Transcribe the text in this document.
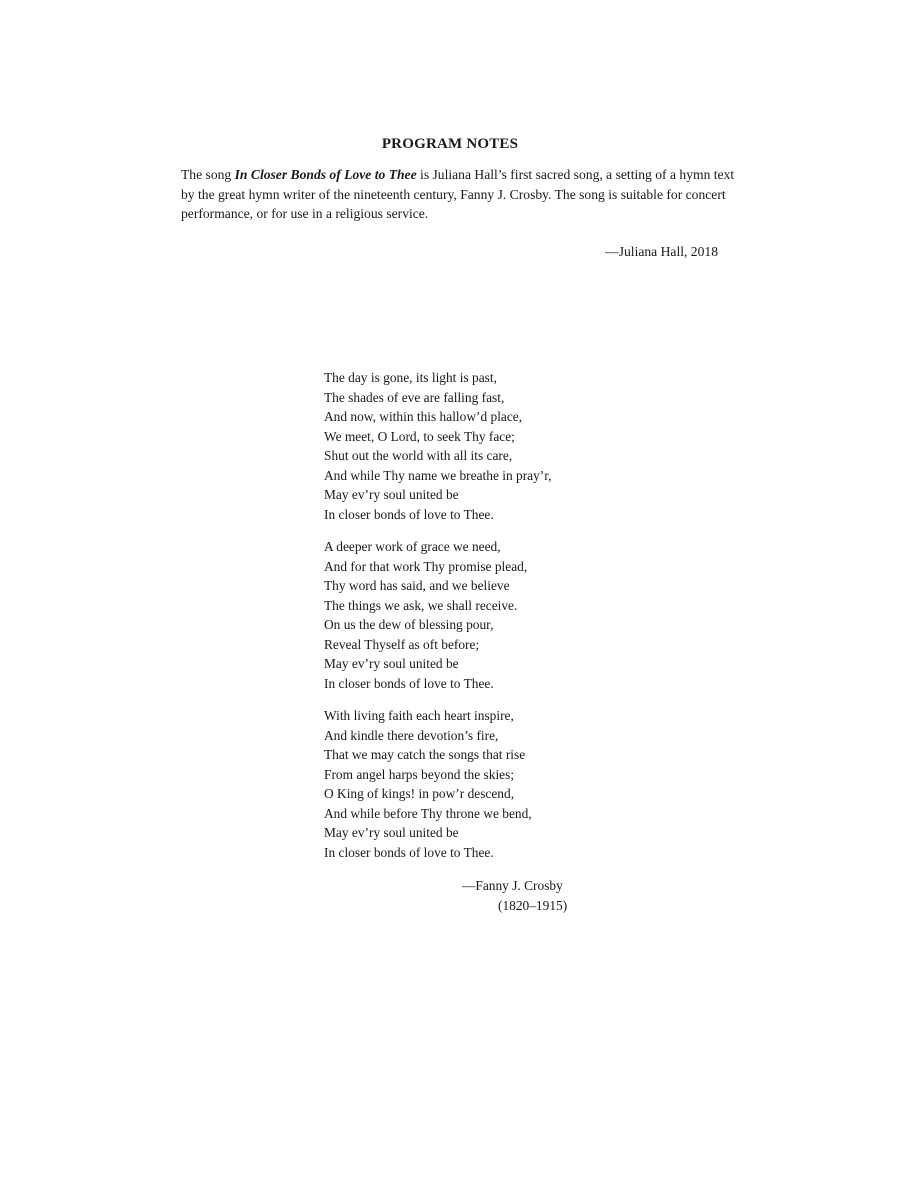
PROGRAM NOTES

The song In Closer Bonds of Love to Thee is Juliana Hall’s first sacred song, a setting of a hymn text by the great hymn writer of the nineteenth century, Fanny J. Crosby. The song is suitable for concert performance, or for use in a religious service.

—Juliana Hall, 2018

The day is gone, its light is past,
The shades of eve are falling fast,
And now, within this hallow’d place,
We meet, O Lord, to seek Thy face;
Shut out the world with all its care,
And while Thy name we breathe in pray’r,
May ev’ry soul united be
In closer bonds of love to Thee.
A deeper work of grace we need,
And for that work Thy promise plead,
Thy word has said, and we believe
The things we ask, we shall receive.
On us the dew of blessing pour,
Reveal Thyself as oft before;
May ev’ry soul united be
In closer bonds of love to Thee.
With living faith each heart inspire,
And kindle there devotion’s fire,
That we may catch the songs that rise
From angel harps beyond the skies;
O King of kings! in pow’r descend,
And while before Thy throne we bend,
May ev’ry soul united be
In closer bonds of love to Thee.
—Fanny J. Crosby
(1820–1915)
